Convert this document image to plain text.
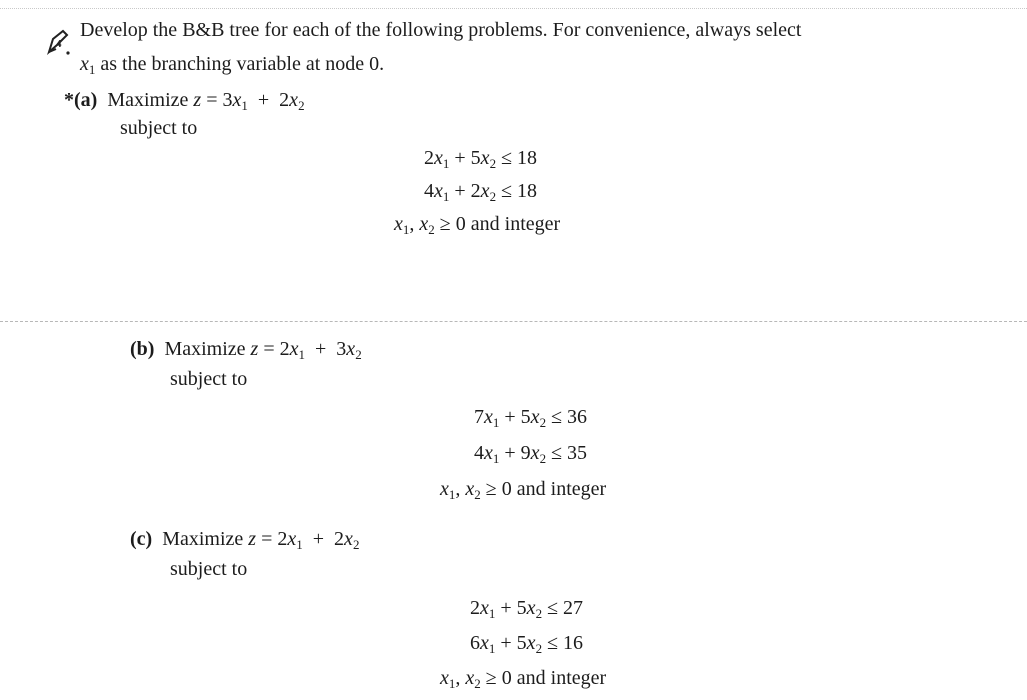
4
Develop the B&B tree for each of the following problems. For convenience, always select
$x_1$ as the branching variable at node 0.
*(a) Maximize $z = 3x_1 + 2x_2$
subject to
$2x_1 + 5x_2 \le 18$
$4x_1 + 2x_2 \le 18$
$x_1$, $x_2 \ge 0$ and integer
(b) Maximize $z = 2x_1 + 3x_2$
subject to
$7x_1 + 5x_2 \le 36$
$4x_1 + 9x_2 \le 35$
$x_1$, $x_2 \ge 0$ and integer
(c) Maximize $z = 2x_1 + 2x_2$
subject to
$2x_1 + 5x_2 \le 27$
$6x_1 + 5x_2 \le 16$
$x_1$, $x_2 \ge 0$ and integer
